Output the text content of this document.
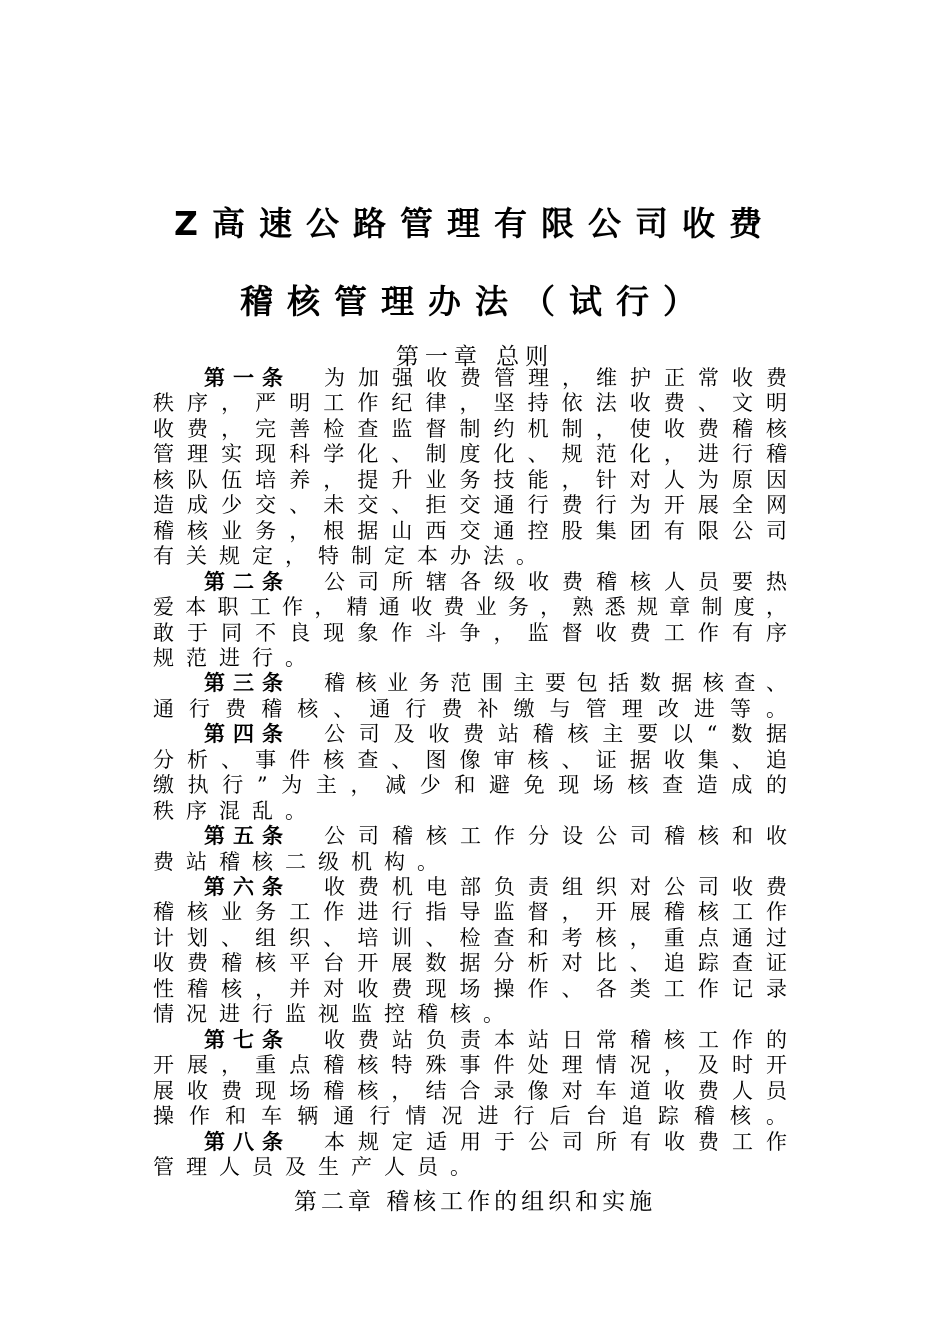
Z高速公路管理有限公司收费
稽核管理办法（试行）
第一章 总则
第一条	为加强收费管理，维护正常收费
秩序，严明工作纪律，坚持依法收费、文明
收费，完善检查监督制约机制，使收费稽核
管理实现科学化、制度化、规范化，进行稽
核队伍培养，提升业务技能，针对人为原因
造成少交、未交、拒交通行费行为开展全网
稽核业务，根据山西交通控股集团有限公司
有关规定，特制定本办法。
第二条	公司所辖各级收费稽核人员要热
爱本职工作，精通收费业务，熟悉规章制度，
敢于同不良现象作斗争，监督收费工作有序
规范进行。
第三条	稽核业务范围主要包括数据核查、
通行费稽核、通行费补缴与管理改进等。
第四条	公司及收费站稽核主要以“数据
分析、事件核查、图像审核、证据收集、追
缴执行”为主，减少和避免现场核查造成的
秩序混乱。
第五条	公司稽核工作分设公司稽核和收
费站稽核二级机构。
第六条	收费机电部负责组织对公司收费
稽核业务工作进行指导监督，开展稽核工作
计划、组织、培训、检查和考核，重点通过
收费稽核平台开展数据分析对比、追踪查证
性稽核，并对收费现场操作、各类工作记录
情况进行监视监控稽核。
第七条	收费站负责本站日常稽核工作的
开展，重点稽核特殊事件处理情况，及时开
展收费现场稽核，结合录像对车道收费人员
操作和车辆通行情况进行后台追踪稽核。
第八条	本规定适用于公司所有收费工作
管理人员及生产人员。
第二章 稽核工作的组织和实施
